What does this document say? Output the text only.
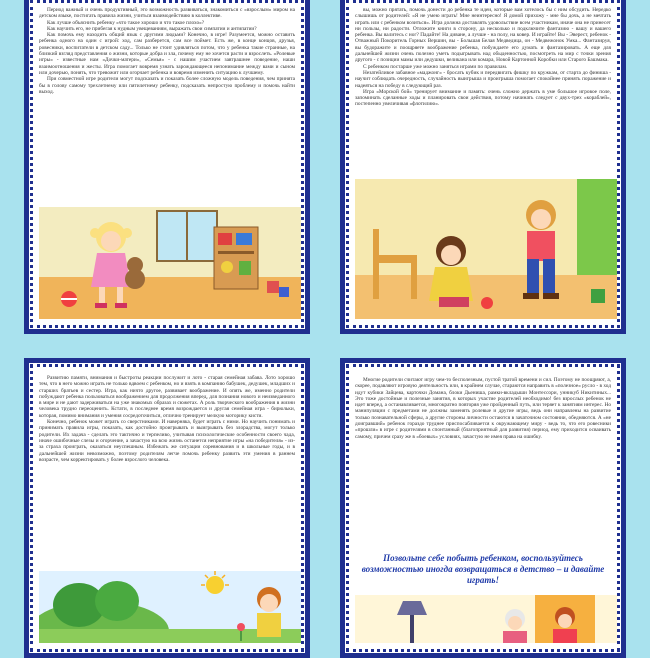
Период важный и очень продуктивный, это возможность развиваться, знакомиться с «взрослым» миром на детском языке, постигать правила жизни, учиться взаимодействию в коллективе.

Как лучше объяснить ребенку «что такое хорошо и что такое плохо»?

Как научить его, не прибегая к нудным увещеваниям, выражать свои симпатии и антипатии?

Как помочь ему находить общий язык с другими людьми? Конечно, в игре! Разумеется, можно оставить ребенка одного на один с игрой: ход, сам разберется, сам все поймет. Есть же, в конце концов, друзья, ровесники, воспитатели в детском саду... Только не стоит удивляться потом, что у ребенка такие странные, на близкий взгляд представления о жизни, которые добра и зла, почему ему не хочется расти и взрослеть. «Ролевые игры» - известные нам «Дочки-матери», «Семья» - с нашим участием завтрашнее поведение, наши взаимоотношения и жесты. Игра помогает вовремя узнать зарождающееся непонимание между вами и сыном или дочерью, понять, что тревожит или огорчает ребенка и вовремя изменить ситуацию к лучшему.

При совместной игре родители могут подсказать и показать более сложную модель поведения, чем принята бы в голову самому трехлетнему или пятилетнему ребенку, подсказать непростую проблему и помочь найти выход.

вы, можно прятать, помочь донести до ребенка те идеи, которые вам хотелось бы с ним обсудить. Нередко слышишь от родителей: «Я не умею играть! Мне неинтересно! Я домой прихожу - мне бы дочь, а не мечтать играть или с ребенком возиться». Игра должна доставлять удовольствие всем участникам, иначе она не принесет ни пользы, ни радости. Отложите книги в сторону, да несколько и подключите фантазию - вашу и вашего ребенка. Вы валитесь с ног? Падайте! На диване, а лучше - на полу, на ковер. И играйте! Вы - Эверест, ребенок - Отважный Покоритель Горных Вершин, вы - Большая Белая Медведица, он - Медвежонок Умка... Фантазируя, вы будоражите и поощряете воображение ребенка, побуждаете его думать и фантазировать. А еще для дальнейшей жизни очень полезно уметь подыгрывать над обыденностью, посмотреть на мир с точки зрения другого - с позиции мамы или дедушки, великана или комара, Новой Картонной Коробки или Старого Башмака.

С ребенком постарше уже можно заняться играми по правилам.

Незатейливое забавное «маджонг» - бросать кубик и передвигать фишку по кружкам, от старта до финиша - научит соблюдать очередность, случайность выигрыша и проигрыша помогает спокойнее принять поражение и надеяться на победу в следующий раз.

Игра «Морской бой» тренирует внимание и память: очень сложно держать в уме большое игровое поле, запоминать сделанные ходы и планировать свои действия, потому начинать следует с двух-трех «кораблей», постепенно увеличивая «флотилию».

Развитию памяти, внимания и быстроты реакции послужит и лото - старая семейная забава. Лото хорошо тем, что в него можно играть не только вдвоем с ребенком, но и взять в компанию бабушек, дедушек, младших и старших братьев и сестер. Игра, как ничто другое, развивает воображение. И опять же, именно родители побуждают ребенка пользоваться воображением для продолжения вперед, для познания нового и неизведанного в мире и не дают задерживаться на уже знакомых образах и сюжетах. А роль творческого воображения в жизни человека трудно переоценить. Кстати, в последнее время возрождается и другая семейная игра - бирюльки, которая, помимо внимания и умения сосредоточиться, отлично тренирует мелкую моторику кисти.

Конечно, ребенок может играть со сверстниками. И наверняка, будет играть с ними. Но научить понимать и принимать правила игры, показать, как достойно проигрывать и выигрывать без злорадства, могут только родители. Их задача - сделать это тактично и терпеливо, учитывая психологические особенности своего чада, иначе ошибочные слезы и огорчение, а зачастую на всю жизнь останется неприятие игры «на победителя» - из-за страха проиграть, оказаться неуспешным. Избежать же ситуации соревнования и в школьные годы, и в дальнейшей жизни невозможно, поэтому родителям легче помочь ребенку развить эти умения в раннем возрасте, чем корректировать у более взрослого человека.

Многие родители считают игру чем-то бесполезным, пустой тратой времени и сил. Поэтому не поощряют, а, скорее, подавляют игровую деятельность или, в крайнем случае, стараются направить в «полезное» русло - в ход идут кубики Зайцева, карточки Домана, блоки Дьениша, рамки-вкладыши Монтессори, унникуб Никитиных... Это тоже достойные и полезные занятия, в которых участие родителей необходимо! без взрослых ребенок не идет вперед, а останавливается, многократно повторяя уже пройденный путь, или теряет к занятиям интерес. Но манипуляции с предметами не должны заменять ролевые и другие игры, ведь они направлены на развитие только познавательной сферы, а другие стороны личности остаются в зачаточном состоянии, обедняются. А «не доигравший» ребенок гораздо труднее приспосабливается к окружающему миру - ведь то, что его ровесники «прошли» в игре с родителями в спонтанный (благоприятный для развития) период, ему приходится осваивать самому, причем сразу же в «боевых» условиях, зачастую не имея права на ошибку.

Позвольте себе побыть ребенком, воспользуйтесь возможностью иногда возвращаться в детство – и давайте играть!
